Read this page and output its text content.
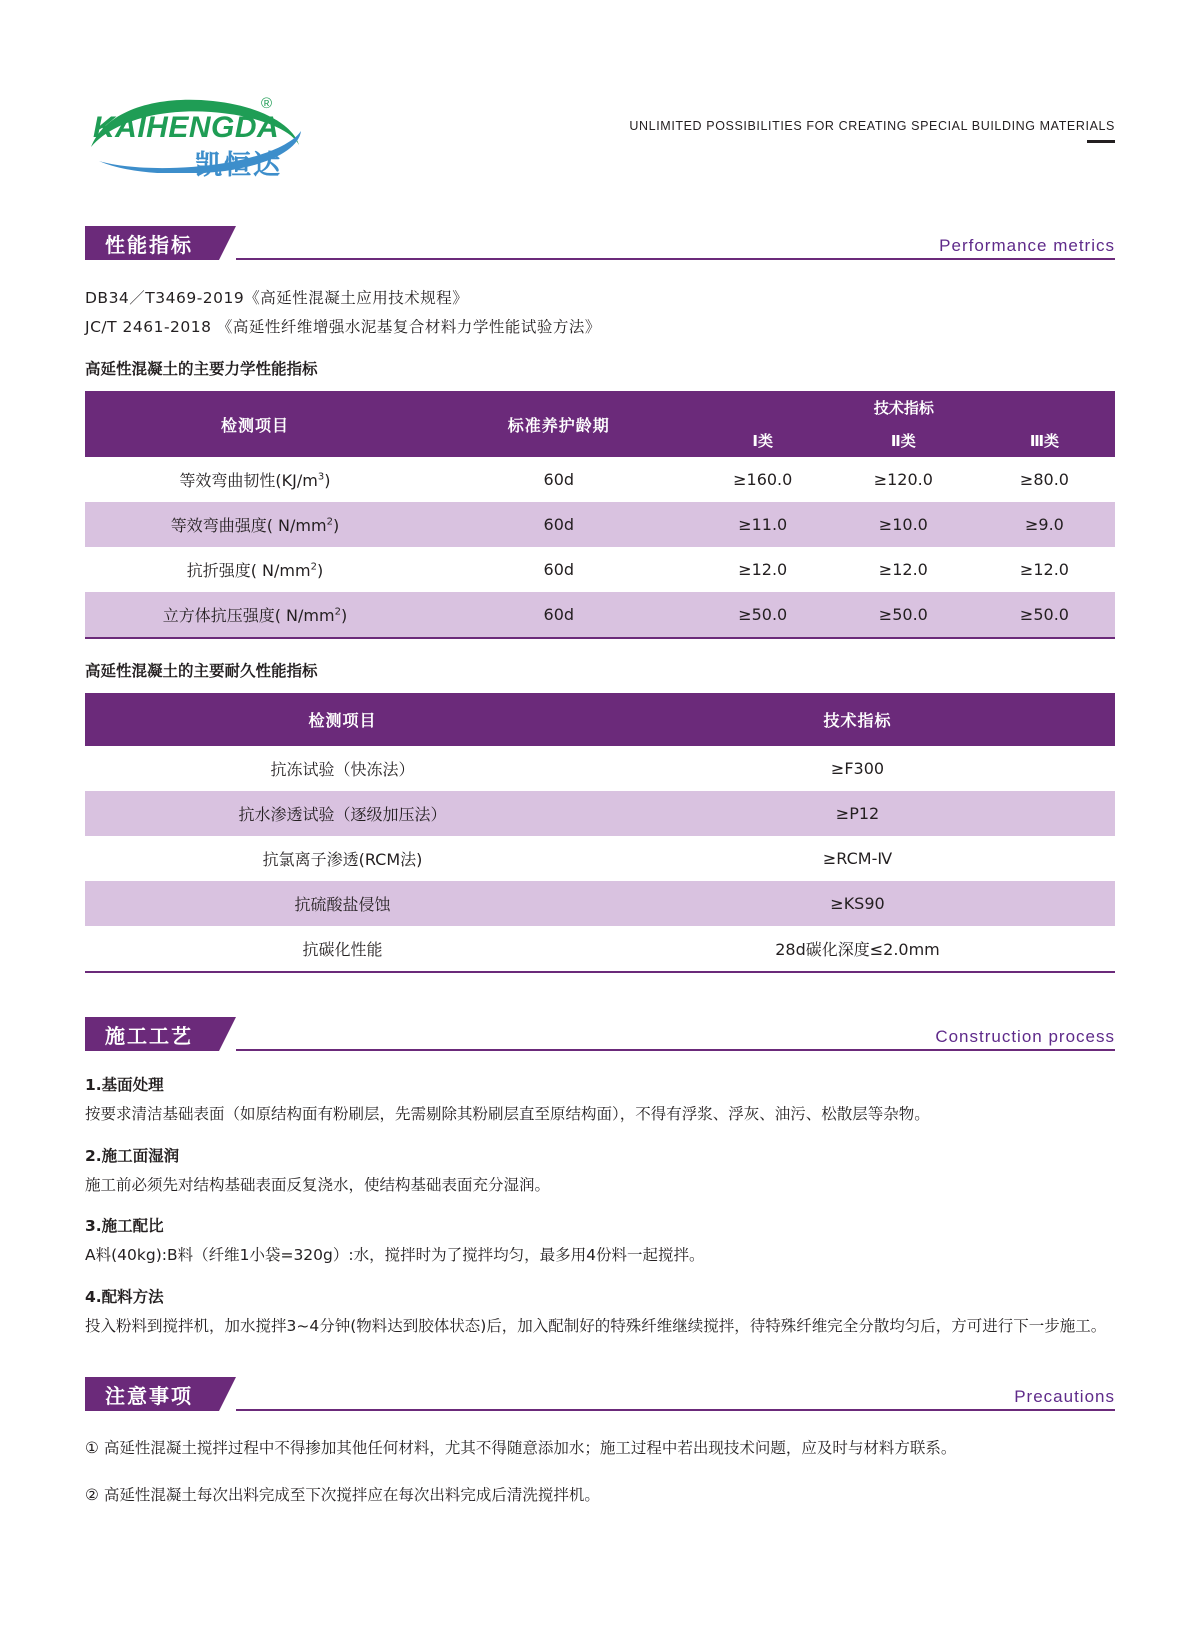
KAIHENGDA
®
凯恒达
UNLIMITED POSSIBILITIES FOR CREATING SPECIAL BUILDING MATERIALS
性能指标	Performance metrics
DB34／T3469-2019《高延性混凝土应用技术规程》
JC/T 2461-2018 《高延性纤维增强水泥基复合材料力学性能试验方法》
高延性混凝土的主要力学性能指标
检测项目	标准养护龄期	技术指标		
		Ⅰ类	Ⅱ类	Ⅲ类
等效弯曲韧性$(KJ/m^3)$	60d	≥160.0	≥120.0	≥80.0
等效弯曲强度( $N/mm^2$)	60d	≥11.0	≥10.0	≥9.0
抗折强度( $N/mm^2$)	60d	≥12.0	≥12.0	≥12.0
立方体抗压强度( $N/mm^2$)	60d	≥50.0	≥50.0	≥50.0
高延性混凝土的主要耐久性能指标
检测项目	技术指标
抗冻试验（快冻法）	≥F300
抗水渗透试验（逐级加压法）	≥P12
抗氯离子渗透(RCM法)	≥RCM-Ⅳ
抗硫酸盐侵蚀	≥KS90
抗碳化性能	28d碳化深度≤2.0mm
施工工艺	Construction process
1.基面处理
按要求清洁基础表面（如原结构面有粉刷层，先需剔除其粉刷层直至原结构面），不得有浮浆、浮灰、油污、松散层等杂物。
2.施工面湿润
施工前必须先对结构基础表面反复浇水，使结构基础表面充分湿润。
3.施工配比
A料(40kg):B料（纤维1小袋=320g）:水，搅拌时为了搅拌均匀，最多用4份料一起搅拌。
4.配料方法
投入粉料到搅拌机，加水搅拌3~4分钟(物料达到胶体状态)后，加入配制好的特殊纤维继续搅拌，待特殊纤维完全分散均匀后，方可进行下一步施工。
注意事项	Precautions
① 高延性混凝土搅拌过程中不得掺加其他任何材料，尤其不得随意添加水；施工过程中若出现技术问题，应及时与材料方联系。
② 高延性混凝土每次出料完成至下次搅拌应在每次出料完成后清洗搅拌机。
